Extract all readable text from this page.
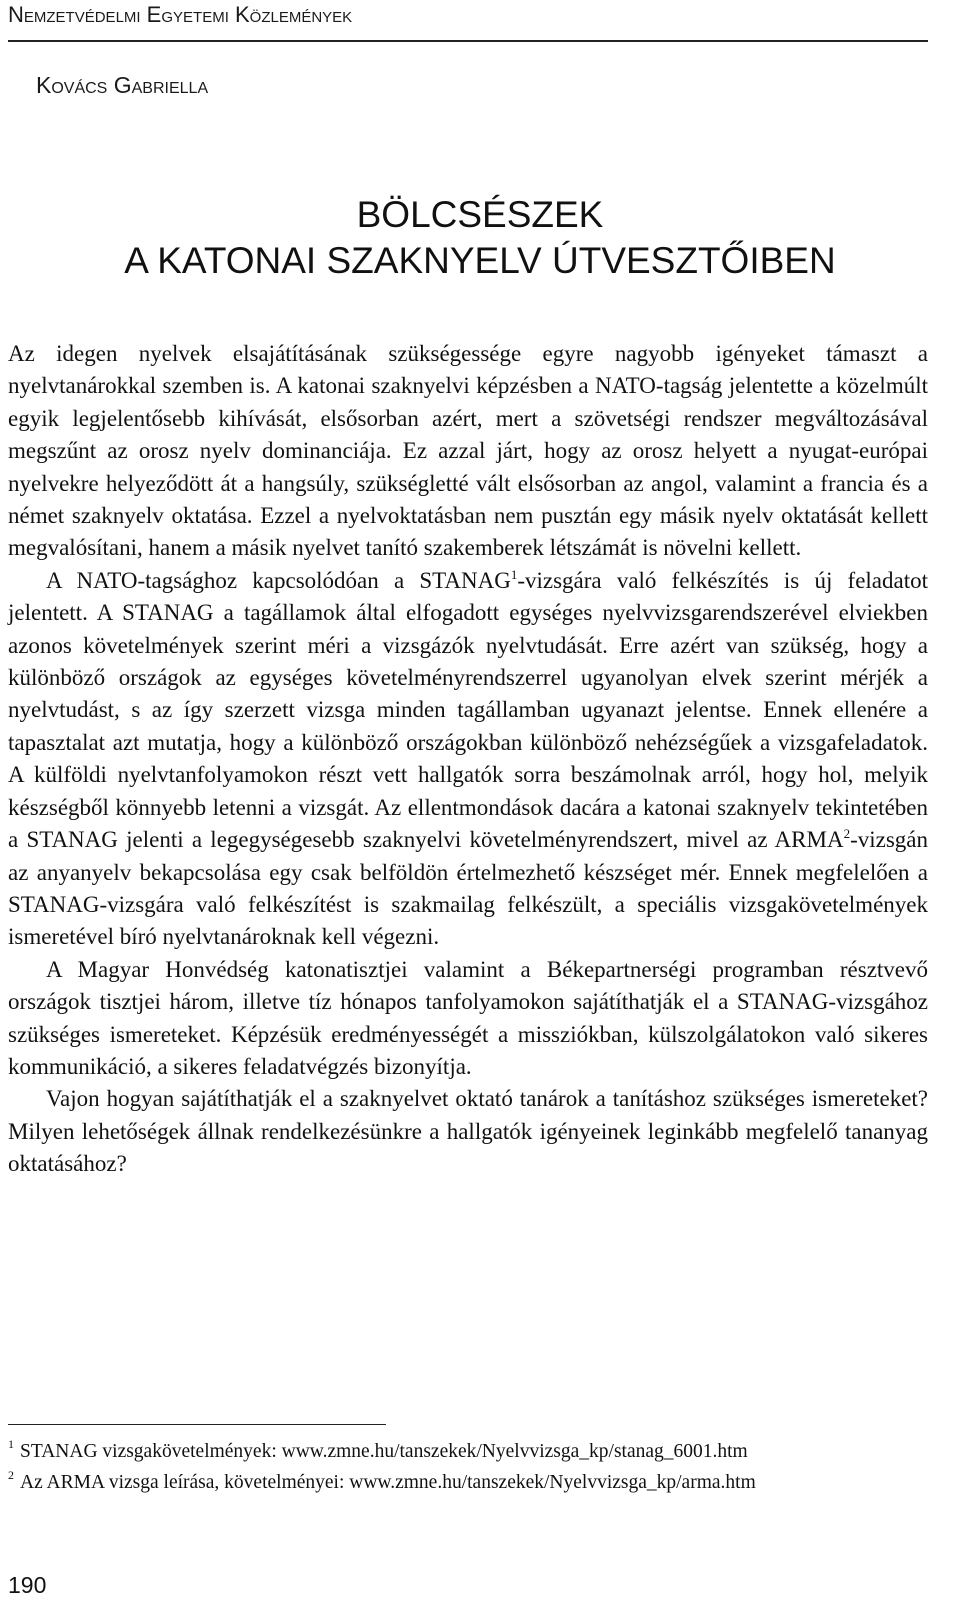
Nemzetvédelmi Egyetemi Közlemények
Kovács Gabriella
BÖLCSÉSZEK
A KATONAI SZAKNYELV ÚTVESZTŐIBEN

Az idegen nyelvek elsajátításának szükségessége egyre nagyobb igényeket támaszt a nyelvtanárokkal szemben is. A katonai szaknyelvi képzésben a NATO-tagság jelentette a közelmúlt egyik legjelentősebb kihívását, elsősorban azért, mert a szövetségi rendszer megváltozásával megszűnt az orosz nyelv dominanciája. Ez azzal járt, hogy az orosz helyett a nyugat-európai nyelvekre helyeződött át a hangsúly, szükségletté vált elsősorban az angol, valamint a francia és a német szaknyelv oktatása. Ezzel a nyelvoktatásban nem pusztán egy másik nyelv oktatását kellett megvalósítani, hanem a másik nyelvet tanító szakemberek létszámát is növelni kellett.

A NATO-tagsághoz kapcsolódóan a STANAG$^1$-vizsgára való felkészítés is új feladatot jelentett. A STANAG a tagállamok által elfogadott egységes nyelvvizsgarendszerével elviekben azonos követelmények szerint méri a vizsgázók nyelvtudását. Erre azért van szükség, hogy a különböző országok az egységes követelményrendszerrel ugyanolyan elvek szerint mérjék a nyelvtudást, s az így szerzett vizsga minden tagállamban ugyanazt jelentse. Ennek ellenére a tapasztalat azt mutatja, hogy a különböző országokban különböző nehézségűek a vizsgafeladatok. A külföldi nyelvtanfolyamokon részt vett hallgatók sorra beszámolnak arról, hogy hol, melyik készségből könnyebb letenni a vizsgát. Az ellentmondások dacára a katonai szaknyelv tekintetében a STANAG jelenti a legegységesebb szaknyelvi követelményrendszert, mivel az ARMA$^2$-vizsgán az anyanyelv bekapcsolása egy csak belföldön értelmezhető készséget mér. Ennek megfelelően a STANAG-vizsgára való felkészítést is szakmailag felkészült, a speciális vizsgakövetelmények ismeretével bíró nyelvtanároknak kell végezni.

A Magyar Honvédség katonatisztjei valamint a Békepartnerségi programban résztvevő országok tisztjei három, illetve tíz hónapos tanfolyamokon sajátíthatják el a STANAG-vizsgához szükséges ismereteket. Képzésük eredményességét a missziókban, külszolgálatokon való sikeres kommunikáció, a sikeres feladatvégzés bizonyítja.

Vajon hogyan sajátíthatják el a szaknyelvet oktató tanárok a tanításhoz szükséges ismereteket? Milyen lehetőségek állnak rendelkezésünkre a hallgatók igényeinek leginkább megfelelő tananyag oktatásához?

$^1$ STANAG vizsgakövetelmények: www.zmne.hu/tanszekek/Nyelvvizsga_kp/stanag_6001.htm
$^2$ Az ARMA vizsga leírása, követelményei: www.zmne.hu/tanszekek/Nyelvvizsga_kp/arma.htm
190
